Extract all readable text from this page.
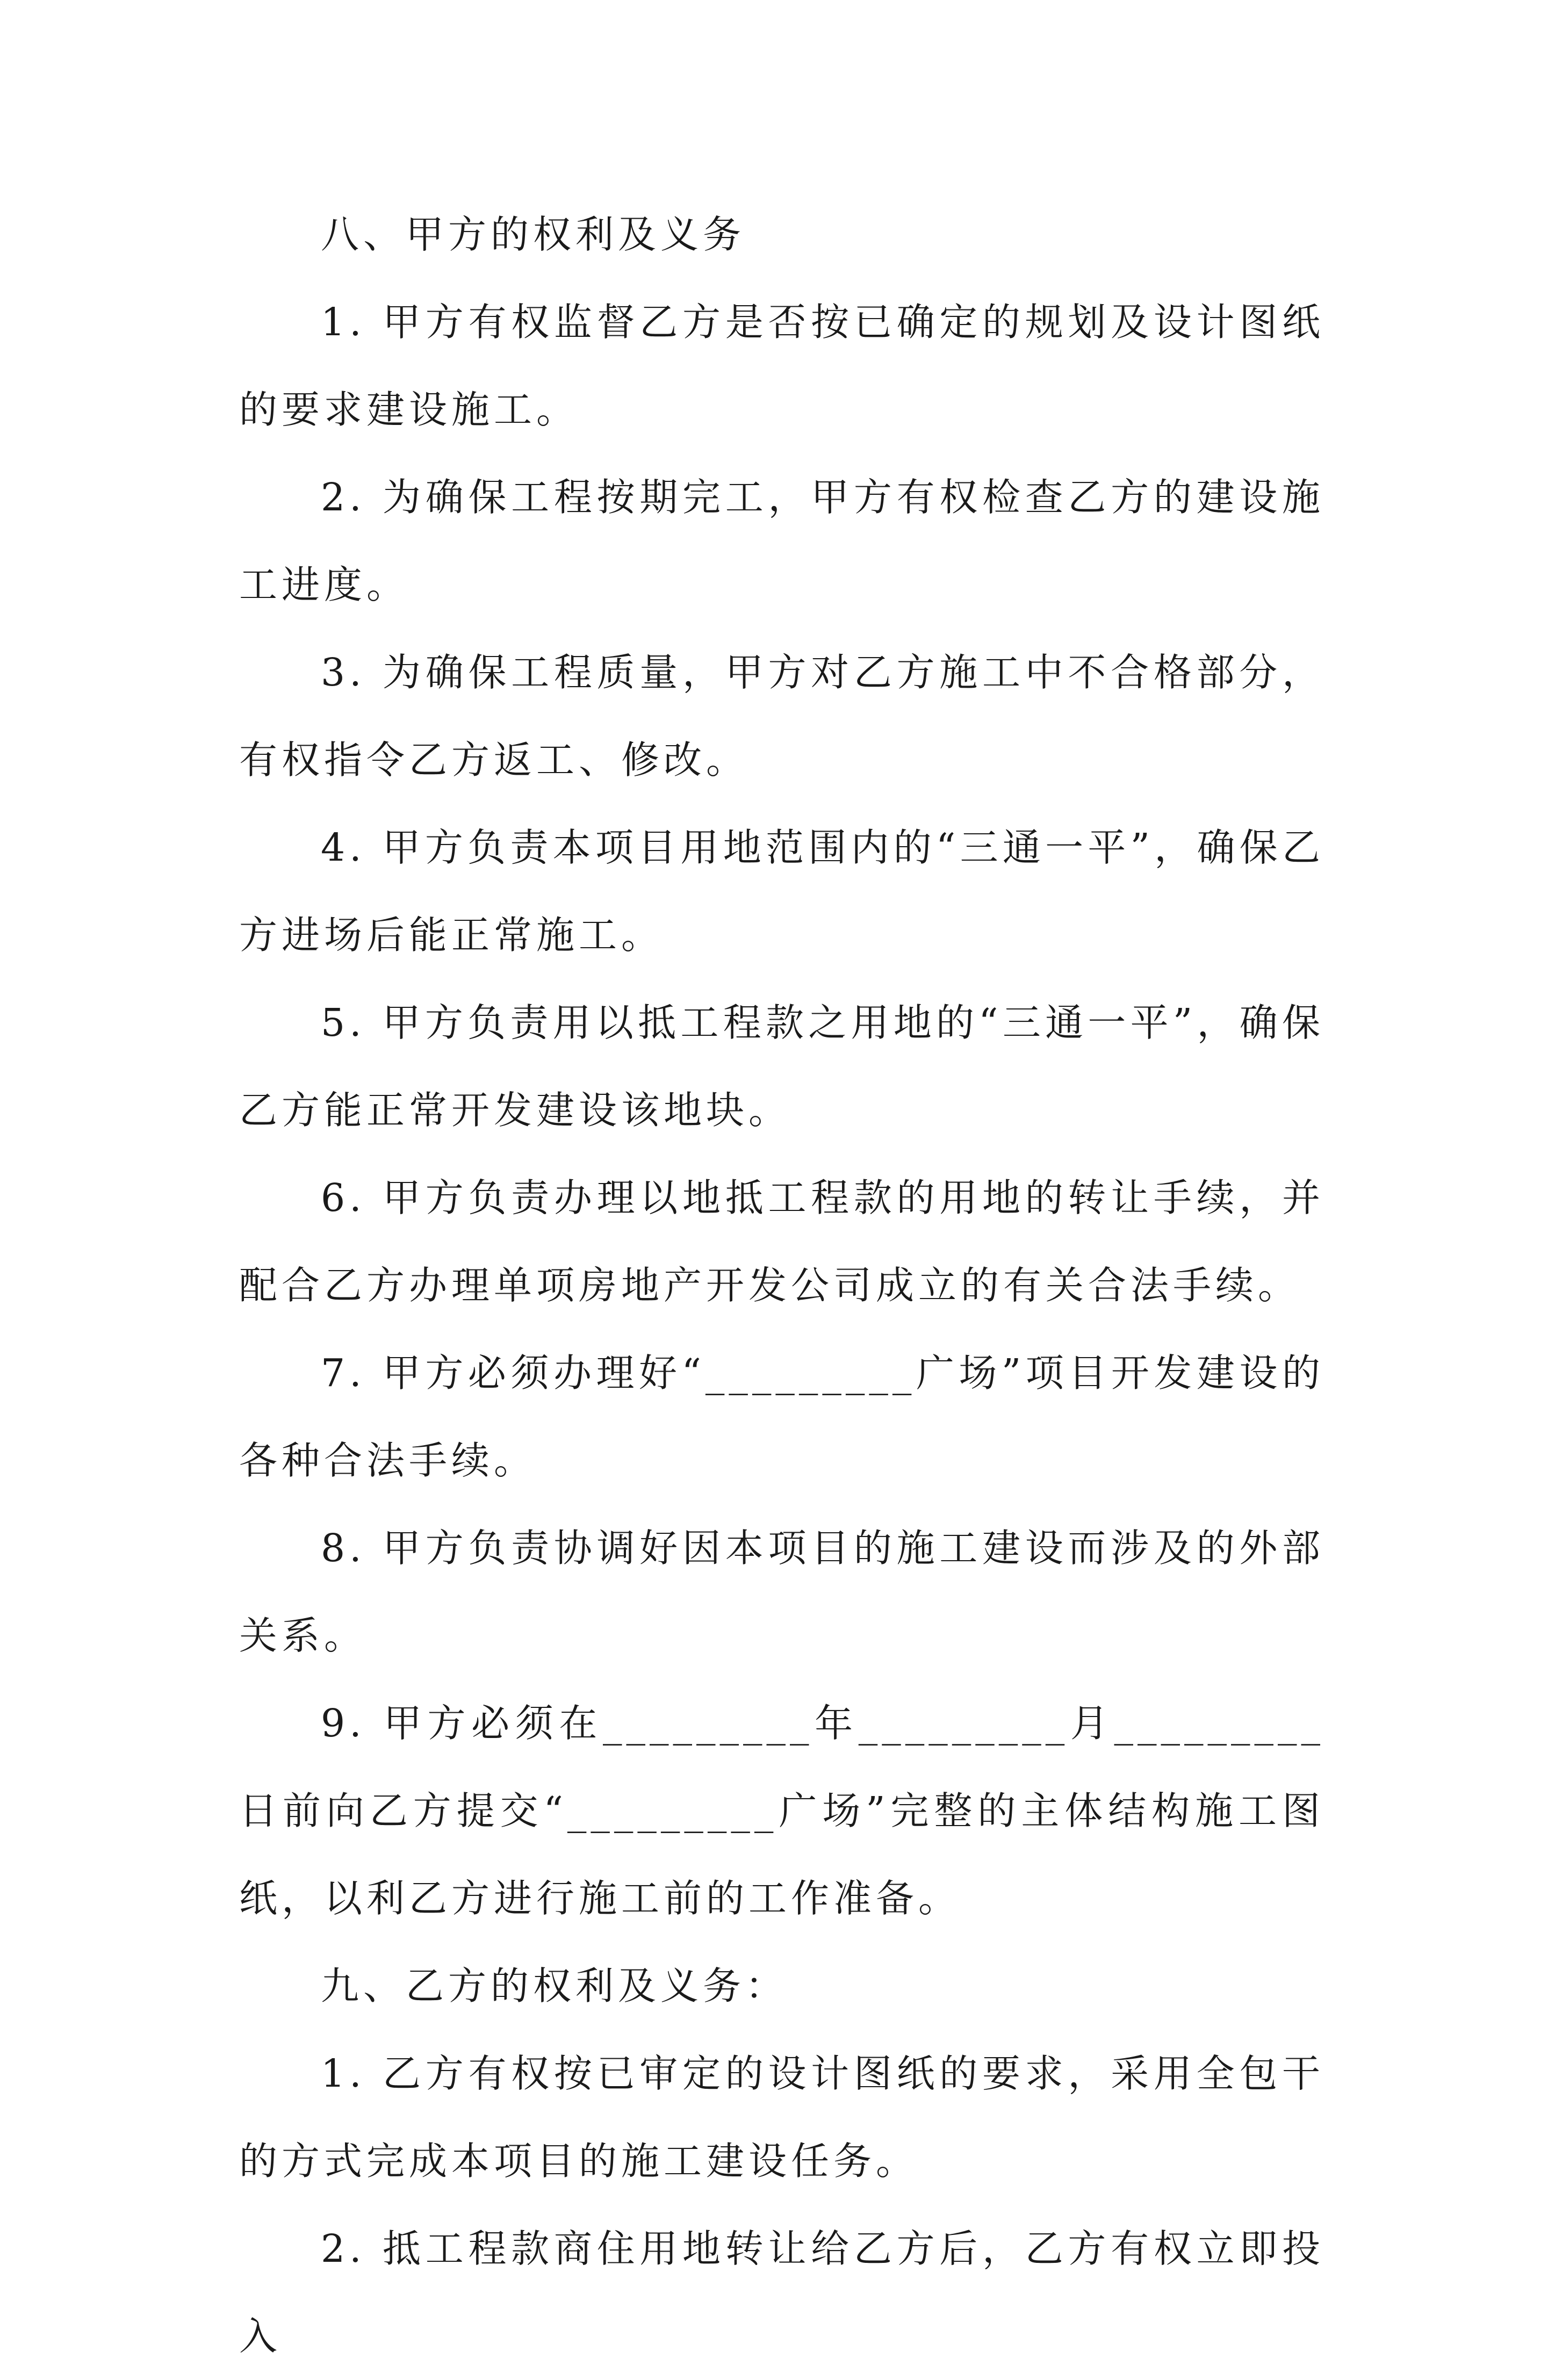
八、甲方的权利及义务

1. 甲方有权监督乙方是否按已确定的规划及设计图纸的要求建设施工。

2. 为确保工程按期完工，甲方有权检查乙方的建设施工进度。

3. 为确保工程质量，甲方对乙方施工中不合格部分，有权指令乙方返工、修改。

4. 甲方负责本项目用地范围内的“三通一平”，确保乙方进场后能正常施工。

5. 甲方负责用以抵工程款之用地的“三通一平”，确保乙方能正常开发建设该地块。

6. 甲方负责办理以地抵工程款的用地的转让手续，并配合乙方办理单项房地产开发公司成立的有关合法手续。

7. 甲方必须办理好“_________广场”项目开发建设的各种合法手续。

8. 甲方负责协调好因本项目的施工建设而涉及的外部关系。

9. 甲方必须在_________年_________月_________日前向乙方提交“_________广场”完整的主体结构施工图纸，以利乙方进行施工前的工作准备。

九、乙方的权利及义务：

1. 乙方有权按已审定的设计图纸的要求，采用全包干的方式完成本项目的施工建设任务。

2. 抵工程款商住用地转让给乙方后，乙方有权立即投入
